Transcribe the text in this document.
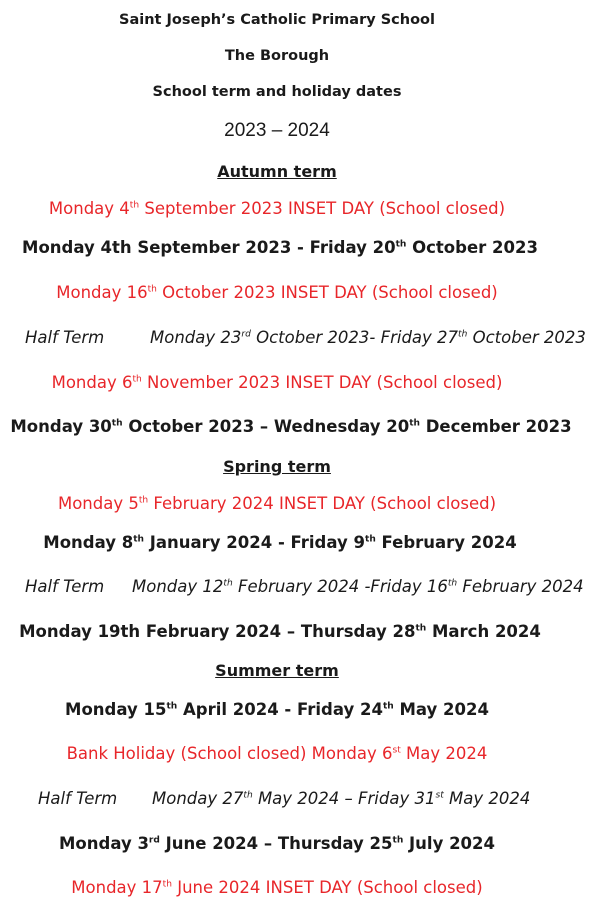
Saint Joseph’s Catholic Primary School
The Borough
School term and holiday dates
2023 – 2024
Autumn term
Monday 4th September 2023 INSET DAY (School closed)
Monday 4th September 2023 - Friday 20th October 2023
Monday 16th October 2023 INSET DAY (School closed)
Half Term	Monday 23rd October 2023- Friday 27th October 2023
Monday 6th November 2023 INSET DAY (School closed)
Monday 30th October 2023 – Wednesday 20th December 2023
Spring term
Monday 5th February 2024 INSET DAY (School closed)
Monday 8th January 2024 - Friday 9th February 2024
Half Term Monday 12th February 2024 -Friday 16th February 2024
Monday 19th February 2024 – Thursday 28th March 2024
Summer term
Monday 15th April 2024 - Friday 24th May 2024
Bank Holiday (School closed) Monday 6st May 2024
Half Term Monday 27th May 2024 – Friday 31st May 2024
Monday 3rd June 2024 – Thursday 25th July 2024
Monday 17th June 2024 INSET DAY (School closed)
